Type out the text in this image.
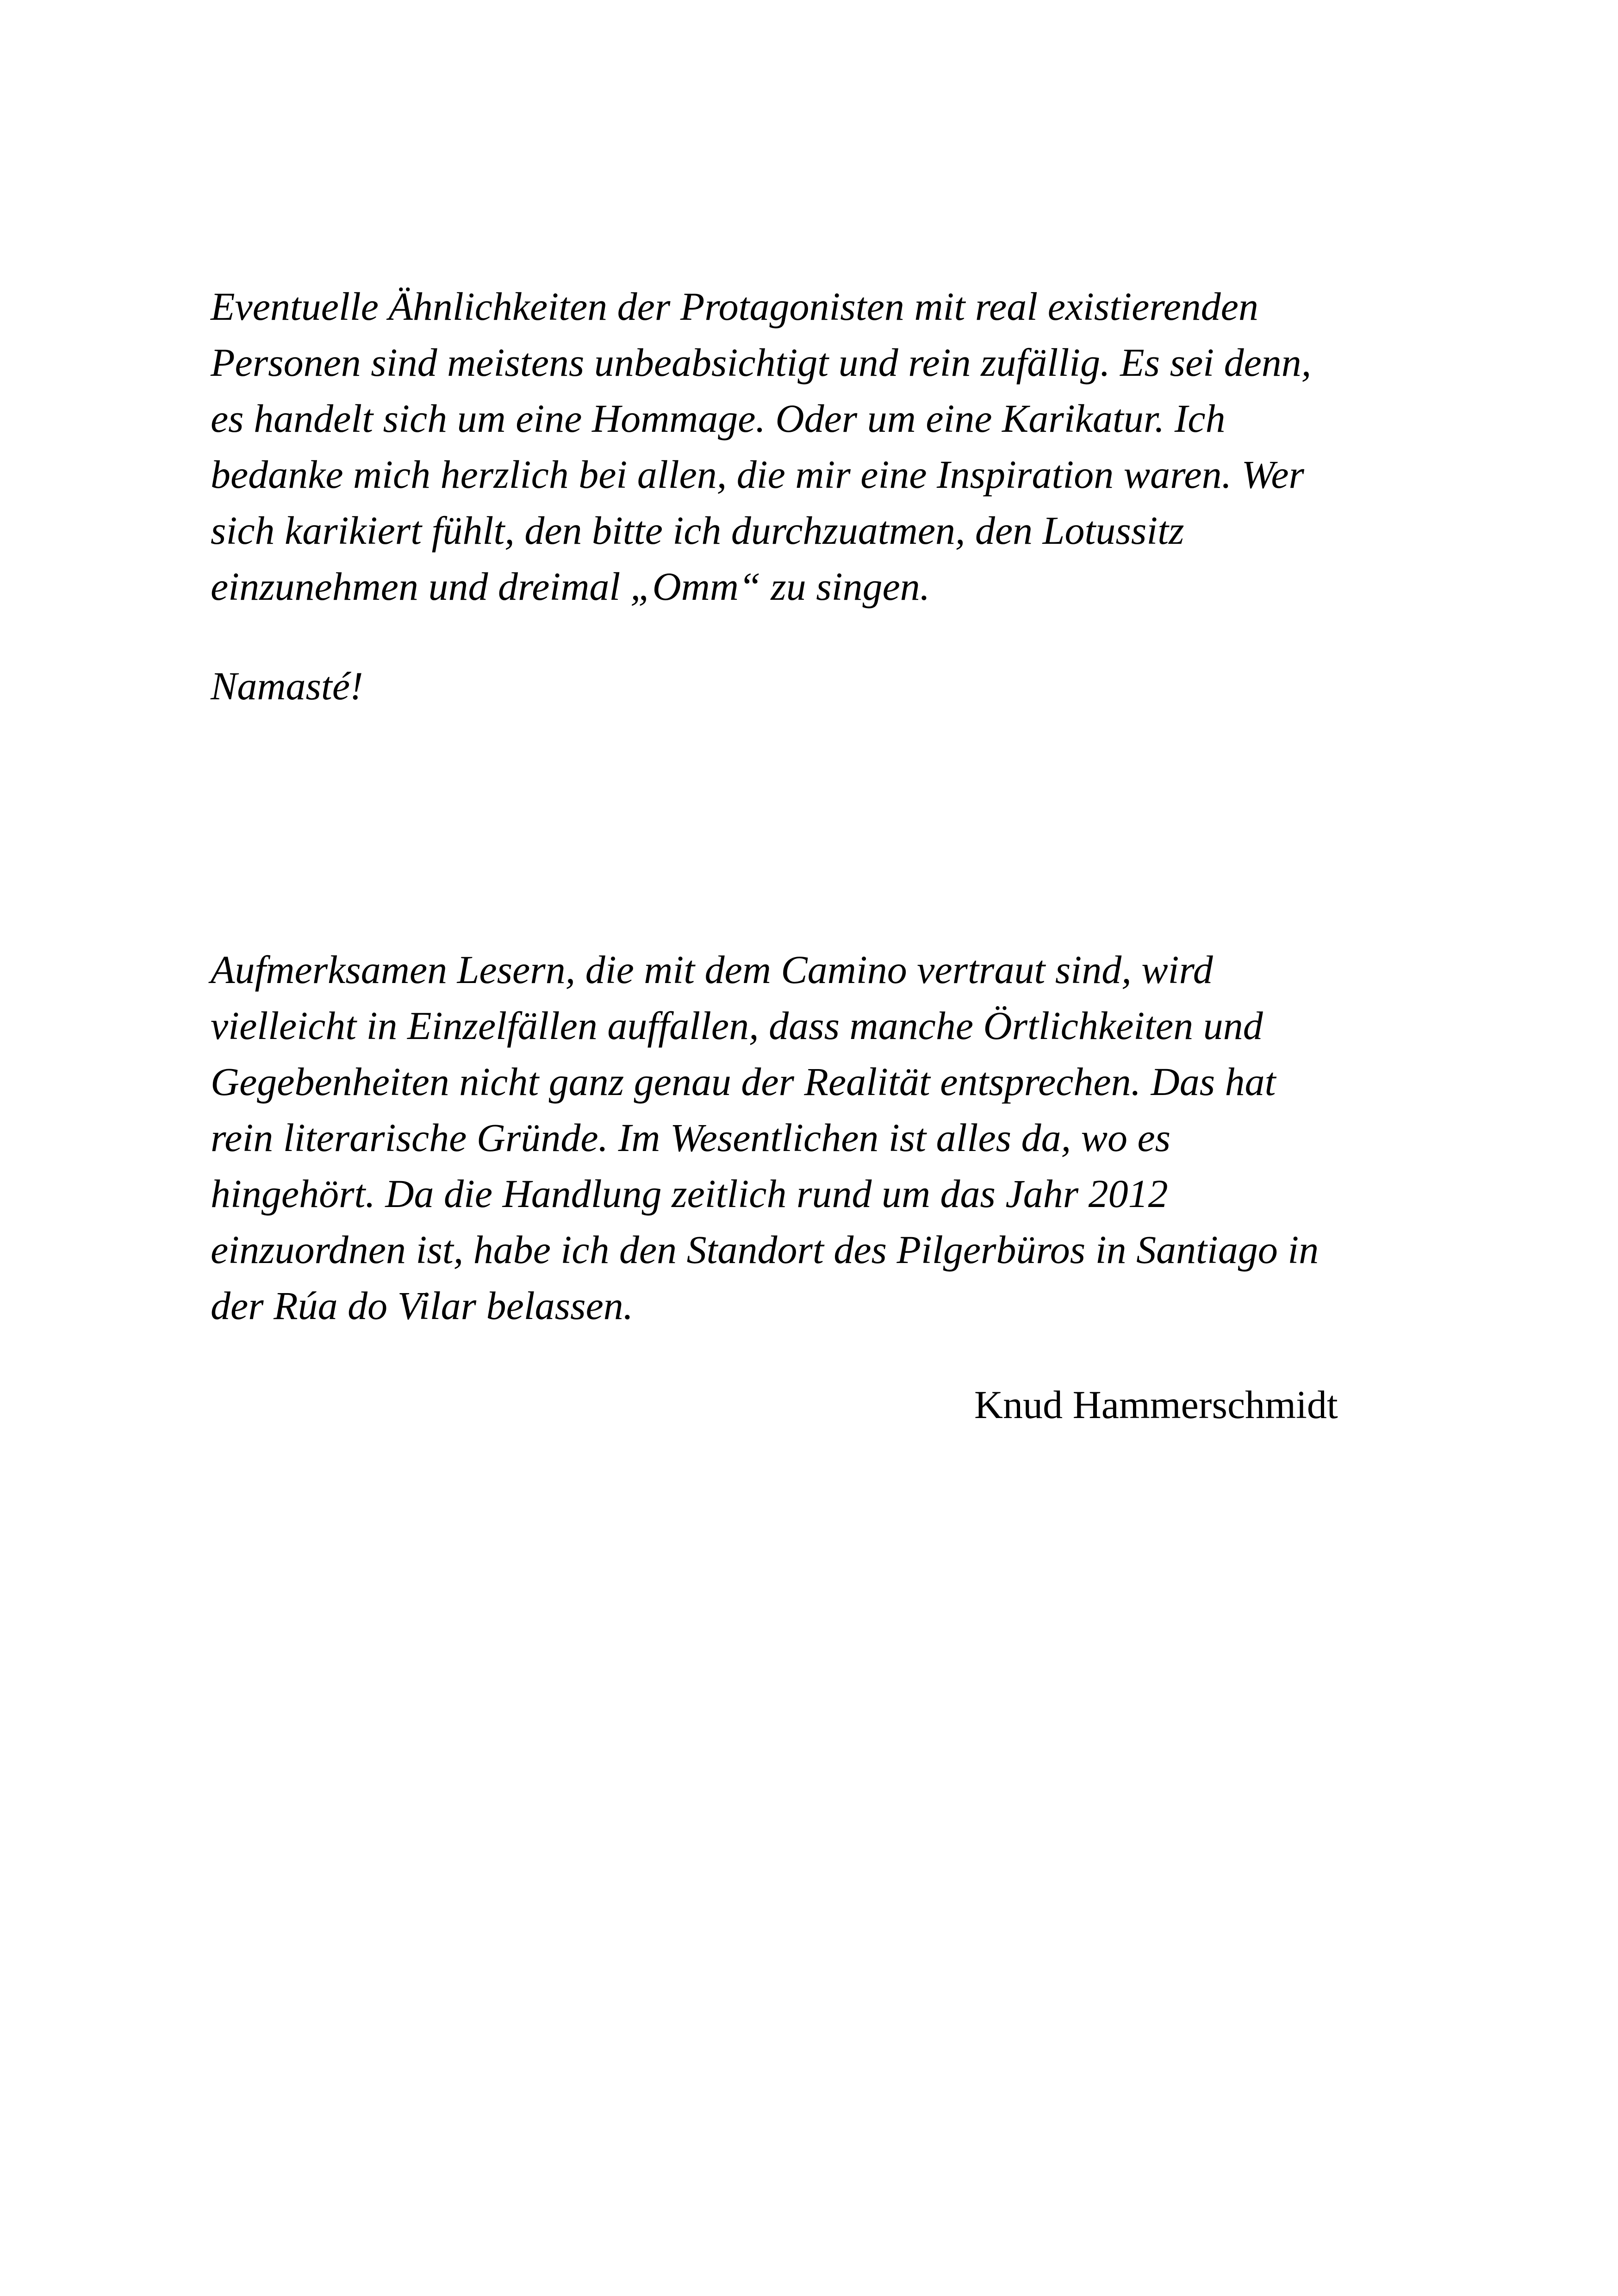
Eventuelle Ähnlichkeiten der Protagonisten mit real existierenden
Personen sind meistens unbeabsichtigt und rein zufällig. Es sei denn,
es handelt sich um eine Hommage. Oder um eine Karikatur. Ich
bedanke mich herzlich bei allen, die mir eine Inspiration waren. Wer
sich karikiert fühlt, den bitte ich durchzuatmen, den Lotussitz
einzunehmen und dreimal „Omm“ zu singen.

Namasté!

Aufmerksamen Lesern, die mit dem Camino vertraut sind, wird
vielleicht in Einzelfällen auffallen, dass manche Örtlichkeiten und
Gegebenheiten nicht ganz genau der Realität entsprechen. Das hat
rein literarische Gründe. Im Wesentlichen ist alles da, wo es
hingehört. Da die Handlung zeitlich rund um das Jahr 2012
einzuordnen ist, habe ich den Standort des Pilgerbüros in Santiago in
der Rúa do Vilar belassen.

Knud Hammerschmidt
